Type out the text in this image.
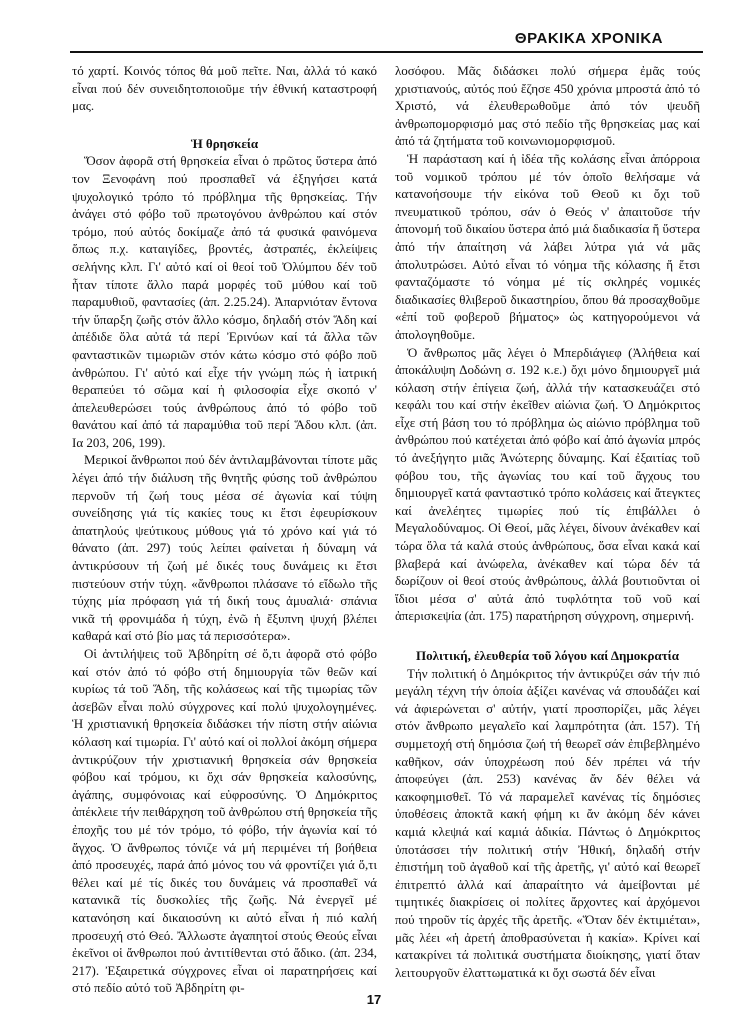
ΘΡΑΚΙΚΑ ΧΡΟΝΙΚΑ

τό χαρτί. Κοινός τόπος θά μοῦ πεῖτε. Ναι, ἀλλά τό κακό εἶναι πού δέν συνειδητοποιοῦμε τήν ἐθνική καταστροφή μας.

Ἡ θρησκεία

Ὅσον ἀφορᾶ στή θρησκεία εἶναι ὁ πρῶτος ὕστερα ἀπό τον Ξενοφάνη πού προσπαθεῖ νά ἐξηγήσει κατά ψυχολογικό τρόπο τό πρόβλημα τῆς θρησκείας. Τήν ἀνάγει στό φόβο τοῦ πρωτογόνου ἀνθρώπου καί στόν τρόμο, πού αὐτός δοκίμαζε ἀπό τά φυσικά φαινόμενα ὅπως π.χ. καταιγίδες, βροντές, ἀστραπές, ἐκλείψεις σελήνης κλπ. Γι' αὐτό καί οἱ θεοί τοῦ Ὀλύμπου δέν τοῦ ἦταν τίποτε ἄλλο παρά μορφές τοῦ μύθου καί τοῦ παραμυθιοῦ, φαντασίες (ἀπ. 2.25.24). Ἀπαρνιόταν ἔντονα τήν ὕπαρξη ζωῆς στόν ἄλλο κόσμο, δηλαδή στόν Ἅδη καί ἀπέδιδε ὅλα αὐτά τά περί Ἐρινύων καί τά ἄλλα τῶν φανταστικῶν τιμωριῶν στόν κάτω κόσμο στό φόβο ποῦ ἀνθρώπου. Γι' αὐτό καί εἶχε τήν γνώμη πώς ἡ ἰατρική θεραπεύει τό σῶμα καί ἡ φιλοσοφία εἶχε σκοπό ν' ἀπελευθερώσει τούς ἀνθρώπους ἀπό τό φόβο τοῦ θανάτου καί ἀπό τά παραμύθια τοῦ περί Ἅδου κλπ. (ἀπ. Ια 203, 206, 199).

Μερικοί ἄνθρωποι πού δέν ἀντιλαμβάνονται τίποτε μᾶς λέγει ἀπό τήν διάλυση τῆς θνητῆς φύσης τοῦ ἀνθρώπου περνοῦν τή ζωή τους μέσα σέ ἀγωνία καί τύψη συνείδησης γιά τίς κακίες τους κι ἔτσι ἐφευρίσκουν ἀπατηλούς ψεύτικους μύθους γιά τό χρόνο καί γιά τό θάνατο (ἀπ. 297) τούς λείπει φαίνεται ἡ δύναμη νά ἀντικρύσουν τή ζωή μέ δικές τους δυνάμεις κι ἔτσι πιστεύουν στήν τύχη. «ἄνθρωποι πλάσανε τό εἴδωλο τῆς τύχης μία πρόφαση γιά τή δική τους ἀμυαλιά· σπάνια νικᾶ τή φρονιμάδα ἡ τύχη, ἐνῶ ἡ ἔξυπνη ψυχή βλέπει καθαρά καί στό βίο μας τά περισσότερα».

Οἱ ἀντιλήψεις τοῦ Ἀβδηρίτη σέ ὅ,τι ἀφορᾶ στό φόβο καί στόν ἀπό τό φόβο στή δημιουργία τῶν θεῶν καί κυρίως τά τοῦ Ἅδη, τῆς κολάσεως καί τῆς τιμωρίας τῶν ἀσεβῶν εἶναι πολύ σύγχρονες καί πολύ ψυχολογημένες. Ἡ χριστιανική θρησκεία διδάσκει τήν πίστη στήν αἰώνια κόλαση καί τιμωρία. Γι' αὐτό καί οἱ πολλοί ἀκόμη σήμερα ἀντικρύζουν τήν χριστιανική θρησκεία σάν θρησκεία φόβου καί τρόμου, κι ὄχι σάν θρησκεία καλοσύνης, ἀγάπης, συμφόνοιας καί εὐφροσύνης. Ὁ Δημόκριτος ἀπέκλειε τήν πειθάρχηση τοῦ ἀνθρώπου στή θρησκεία τῆς ἐποχῆς του μέ τόν τρόμο, τό φόβο, τήν ἀγωνία καί τό ἄγχος. Ὁ ἄνθρωπος τόνιζε νά μή περιμένει τή βοήθεια ἀπό προσευχές, παρά ἀπό μόνος του νά φροντίζει γιά ὅ,τι θέλει καί μέ τίς δικές του δυνάμεις νά προσπαθεῖ νά κατανικᾶ τίς δυσκολίες τῆς ζωῆς. Νά ἐνεργεῖ μέ κατανόηση καί δικαιοσύνη κι αὐτό εἶναι ἡ πιό καλή προσευχή στό Θεό. Ἄλλωστε ἀγαπητοί στούς Θεούς εἶναι ἐκεῖνοι οἱ ἄνθρωποι πού ἀντιτίθενται στό ἄδικο. (ἀπ. 234, 217). Ἐξαιρετικά σύγχρονες εἶναι οἱ παρατηρήσεις καί στό πεδίο αὐτό τοῦ Ἀβδηρίτη φι-

λοσόφου. Μᾶς διδάσκει πολύ σήμερα ἐμᾶς τούς χριστιανούς, αὐτός πού ἔζησε 450 χρόνια μπροστά ἀπό τό Χριστό, νά ἐλευθερωθοῦμε ἀπό τόν ψευδῆ ἀνθρωπομορφισμό μας στό πεδίο τῆς θρησκείας μας καί ἀπό τά ζητήματα τοῦ κοινωνιομορφισμοῦ.

Ἡ παράσταση καί ἡ ἰδέα τῆς κολάσης εἶναι ἀπόρροια τοῦ νομικοῦ τρόπου μέ τόν ὁποῖο θελήσαμε νά κατανοήσουμε τήν εἰκόνα τοῦ Θεοῦ κι ὄχι τοῦ πνευματικοῦ τρόπου, σάν ὁ Θεός ν' ἀπαιτοῦσε τήν ἀπονομή τοῦ δικαίου ὕστερα ἀπό μιά διαδικασία ἤ ὕστερα ἀπό τήν ἀπαίτηση νά λάβει λύτρα γιά νά μᾶς ἀπολυτρώσει. Αὐτό εἶναι τό νόημα τῆς κόλασης ἤ ἔτσι φανταζόμαστε τό νόημα μέ τίς σκληρές νομικές διαδικασίες θλιβεροῦ δικαστηρίου, ὅπου θά προσαχθοῦμε «ἐπί τοῦ φοβεροῦ βήματος» ὡς κατηγορούμενοι νά ἀπολογηθοῦμε.

Ὁ ἄνθρωπος μᾶς λέγει ὁ Μπερδιάγιεφ (Ἀλήθεια καί ἀποκάλυψη Δοδώνη σ. 192 κ.ε.) ὄχι μόνο δημιουργεῖ μιά κόλαση στήν ἐπίγεια ζωή, ἀλλά τήν κατασκευάζει στό κεφάλι του καί στήν ἐκεῖθεν αἰώνια ζωή. Ὁ Δημόκριτος εἶχε στή βάση του τό πρόβλημα ὡς αἰώνιο πρόβλημα τοῦ ἀνθρώπου πού κατέχεται ἀπό φόβο καί ἀπό ἀγωνία μπρός τό ἀνεξήγητο μιᾶς Ἀνώτερης δύναμης. Καί ἐξαιτίας τοῦ φόβου του, τῆς ἀγωνίας του καί τοῦ ἄγχους του δημιουργεῖ κατά φανταστικό τρόπο κολάσεις καί ἄτεγκτες καί ἀνελέητες τιμωρίες πού τίς ἐπιβάλλει ὁ Μεγαλοδύναμος. Οἱ Θεοί, μᾶς λέγει, δίνουν ἀνέκαθεν καί τώρα ὅλα τά καλά στούς ἀνθρώπους, ὅσα εἶναι κακά καί βλαβερά καί ἀνώφελα, ἀνέκαθεν καί τώρα δέν τά δωρίζουν οἱ θεοί στούς ἀνθρώπους, ἀλλά βουτιοῦνται οἱ ἴδιοι μέσα σ' αὐτά ἀπό τυφλότητα τοῦ νοῦ καί ἀπερισκεψία (ἀπ. 175) παρατήρηση σύγχρονη, σημερινή.

Πολιτική, ἐλευθερία τοῦ λόγου καί Δημοκρατία

Τήν πολιτική ὁ Δημόκριτος τήν ἀντικρύζει σάν τήν πιό μεγάλη τέχνη τήν ὁποία ἀξίζει κανένας νά σπουδάζει καί νά ἀφιερώνεται σ' αὐτήν, γιατί προσπορίζει, μᾶς λέγει στόν ἄνθρωπο μεγαλεῖο καί λαμπρότητα (ἀπ. 157). Τή συμμετοχή στή δημόσια ζωή τή θεωρεῖ σάν ἐπιβεβλημένο καθῆκον, σάν ὑποχρέωση πού δέν πρέπει νά τήν ἀποφεύγει (ἀπ. 253) κανένας ἄν δέν θέλει νά κακοφημισθεῖ. Τό νά παραμελεῖ κανένας τίς δημόσιες ὑποθέσεις ἀποκτᾶ κακή φήμη κι ἄν ἀκόμη δέν κάνει καμιά κλεψιά καί καμιά ἀδικία. Πάντως ὁ Δημόκριτος ὑποτάσσει τήν πολιτική στήν Ἠθική, δηλαδή στήν ἐπιστήμη τοῦ ἀγαθοῦ καί τῆς ἀρετῆς, γι' αὐτό καί θεωρεῖ ἐπιτρεπτό ἀλλά καί ἀπαραίτητο νά ἀμείβονται μέ τιμητικές διακρίσεις οἱ πολίτες ἄρχοντες καί ἀρχόμενοι πού τηροῦν τίς ἀρχές τῆς ἀρετῆς. «Ὅταν δέν ἐκτιμιέται», μᾶς λέει «ἡ ἀρετή ἀποθρασύνεται ἡ κακία». Κρίνει καί κατακρίνει τά πολιτικά συστήματα διοίκησης, γιατί ὅταν λειτουργοῦν ἐλαττωματικά κι ὄχι σωστά δέν εἶναι

17
